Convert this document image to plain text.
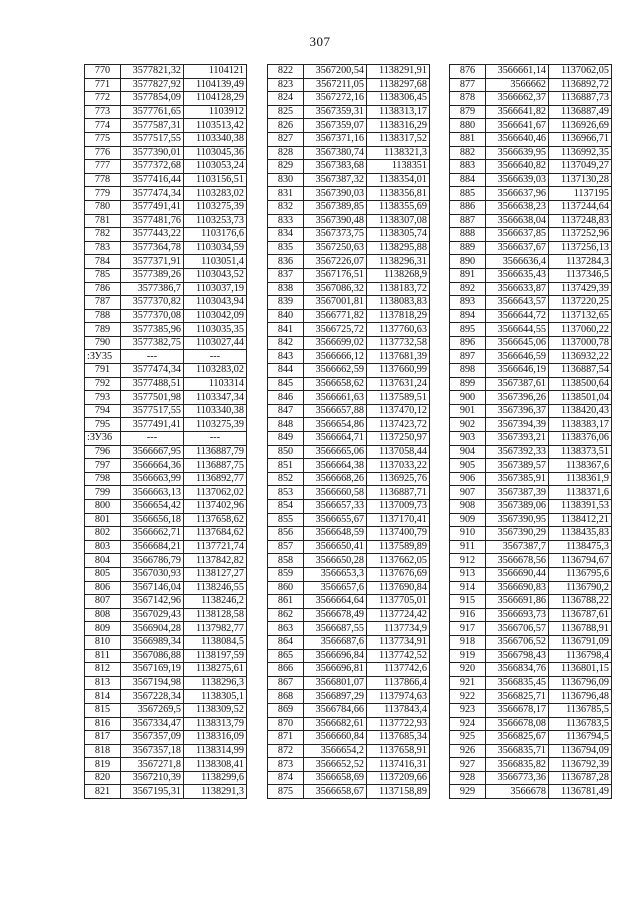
307
770	3577821,32	1104121
771	3577827,92	1104139,49
772	3577854,09	1104128,29
773	3577761,65	1103912
774	3577587,31	1103513,42
775	3577517,55	1103340,38
776	3577390,01	1103045,36
777	3577372,68	1103053,24
778	3577416,44	1103156,51
779	3577474,34	1103283,02
780	3577491,41	1103275,39
781	3577481,76	1103253,73
782	3577443,22	1103176,6
783	3577364,78	1103034,59
784	3577371,91	1103051,4
785	3577389,26	1103043,52
786	3577386,7	1103037,19
787	3577370,82	1103043,94
788	3577370,08	1103042,09
789	3577385,96	1103035,35
790	3577382,75	1103027,44
:ЗУ35	---	---
791	3577474,34	1103283,02
792	3577488,51	1103314
793	3577501,98	1103347,34
794	3577517,55	1103340,38
795	3577491,41	1103275,39
:ЗУ36	---	---
796	3566667,95	1136887,79
797	3566664,36	1136887,75
798	3566663,99	1136892,77
799	3566663,13	1137062,02
800	3566654,42	1137402,96
801	3566656,18	1137658,62
802	3566662,71	1137684,62
803	3566684,21	1137721,74
804	3566786,79	1137842,82
805	3567030,93	1138127,27
806	3567146,04	1138246,55
807	3567142,96	1138246,2
808	3567029,43	1138128,58
809	3566904,28	1137982,77
810	3566989,34	1138084,5
811	3567086,88	1138197,59
812	3567169,19	1138275,61
813	3567194,98	1138296,3
814	3567228,34	1138305,1
815	3567269,5	1138309,52
816	3567334,47	1138313,79
817	3567357,09	1138316,09
818	3567357,18	1138314,99
819	3567271,8	1138308,41
820	3567210,39	1138299,6
821	3567195,31	1138291,3
822	3567200,54	1138291,91
823	3567211,05	1138297,68
824	3567272,16	1138306,45
825	3567359,31	1138313,17
826	3567359,07	1138316,29
827	3567371,16	1138317,52
828	3567380,74	1138321,3
829	3567383,68	1138351
830	3567387,32	1138354,01
831	3567390,03	1138356,81
832	3567389,85	1138355,69
833	3567390,48	1138307,08
834	3567373,75	1138305,74
835	3567250,63	1138295,88
836	3567226,07	1138296,31
837	3567176,51	1138268,9
838	3567086,32	1138183,72
839	3567001,81	1138083,83
840	3566771,82	1137818,29
841	3566725,72	1137760,63
842	3566699,02	1137732,58
843	3566666,12	1137681,39
844	3566662,59	1137660,99
845	3566658,62	1137631,24
846	3566661,63	1137589,51
847	3566657,88	1137470,12
848	3566654,86	1137423,72
849	3566664,71	1137250,97
850	3566665,06	1137058,44
851	3566664,38	1137033,22
852	3566668,26	1136925,76
853	3566660,58	1136887,71
854	3566657,33	1137009,73
855	3566655,67	1137170,41
856	3566648,59	1137400,79
857	3566650,41	1137589,89
858	3566650,28	1137662,05
859	3566653,3	1137676,69
860	3566657,6	1137690,84
861	3566664,64	1137705,01
862	3566678,49	1137724,42
863	3566687,55	1137734,9
864	3566687,6	1137734,91
865	3566696,84	1137742,52
866	3566696,81	1137742,6
867	3566801,07	1137866,4
868	3566897,29	1137974,63
869	3566784,66	1137843,4
870	3566682,61	1137722,93
871	3566660,84	1137685,34
872	3566654,2	1137658,91
873	3566652,52	1137416,31
874	3566658,69	1137209,66
875	3566658,67	1137158,89
876	3566661,14	1137062,05
877	3566662	1136892,72
878	3566662,37	1136887,73
879	3566641,82	1136887,49
880	3566641,67	1136926,69
881	3566640,46	1136966,71
882	3566639,95	1136992,35
883	3566640,82	1137049,27
884	3566639,03	1137130,28
885	3566637,96	1137195
886	3566638,23	1137244,64
887	3566638,04	1137248,83
888	3566637,85	1137252,96
889	3566637,67	1137256,13
890	3566636,4	1137284,3
891	3566635,43	1137346,5
892	3566633,87	1137429,39
893	3566643,57	1137220,25
894	3566644,72	1137132,65
895	3566644,55	1137060,22
896	3566645,06	1137000,78
897	3566646,59	1136932,22
898	3566646,19	1136887,54
899	3567387,61	1138500,64
900	3567396,26	1138501,04
901	3567396,37	1138420,43
902	3567394,39	1138383,17
903	3567393,21	1138376,06
904	3567392,33	1138373,51
905	3567389,57	1138367,6
906	3567385,91	1138361,9
907	3567387,39	1138371,6
908	3567389,06	1138391,53
909	3567390,95	1138412,21
910	3567390,29	1138435,83
911	3567387,7	1138475,3
912	3566678,56	1136794,67
913	3566690,44	1136795,6
914	3566690,83	1136790,2
915	3566691,86	1136788,22
916	3566693,73	1136787,61
917	3566706,57	1136788,91
918	3566706,52	1136791,09
919	3566798,43	1136798,4
920	3566834,76	1136801,15
921	3566835,45	1136796,09
922	3566825,71	1136796,48
923	3566678,17	1136785,5
924	3566678,08	1136783,5
925	3566825,67	1136794,5
926	3566835,71	1136794,09
927	3566835,82	1136792,39
928	3566773,36	1136787,28
929	3566678	1136781,49
